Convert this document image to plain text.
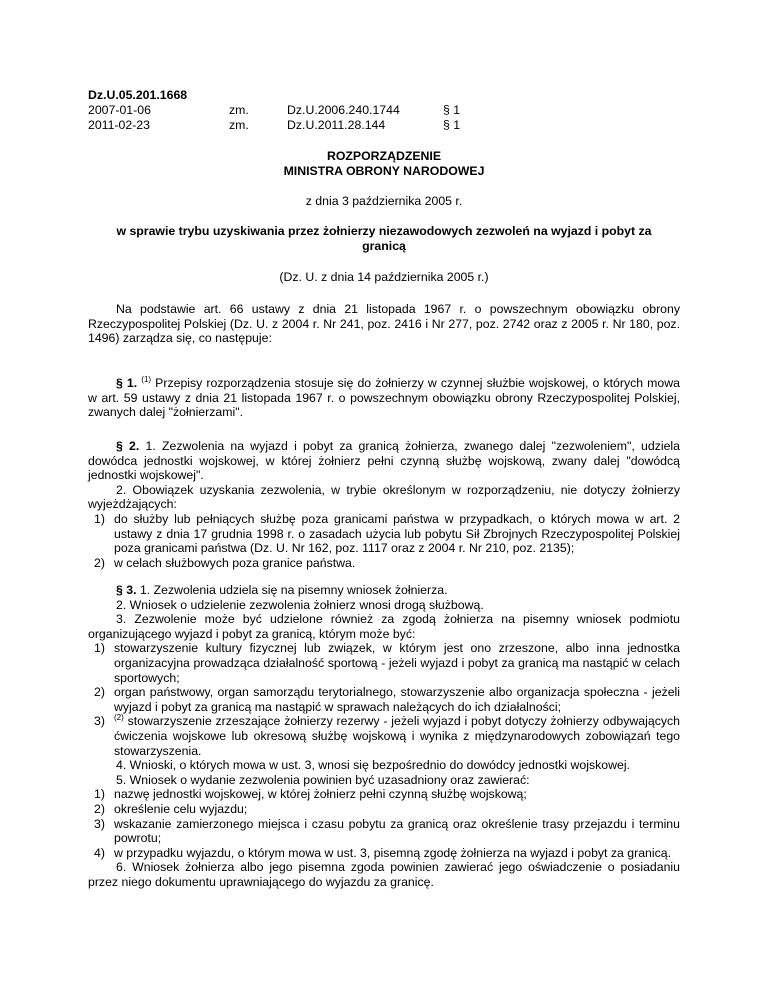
Dz.U.05.201.1668
2007-01-06	zm.	Dz.U.2006.240.1744	§ 1
2011-02-23	zm.	Dz.U.2011.28.144	§ 1
ROZPORZĄDZENIE
MINISTRA OBRONY NARODOWEJ
z dnia 3 października 2005 r.
w sprawie trybu uzyskiwania przez żołnierzy niezawodowych zezwoleń na wyjazd i pobyt za granicą
(Dz. U. z dnia 14 października 2005 r.)

Na podstawie art. 66 ustawy z dnia 21 listopada 1967 r. o powszechnym obowiązku obrony Rzeczypospolitej Polskiej (Dz. U. z 2004 r. Nr 241, poz. 2416 i Nr 277, poz. 2742 oraz z 2005 r. Nr 180, poz. 1496) zarządza się, co następuje:

§ 1. $^{(1)}$ Przepisy rozporządzenia stosuje się do żołnierzy w czynnej służbie wojskowej, o których mowa w art. 59 ustawy z dnia 21 listopada 1967 r. o powszechnym obowiązku obrony Rzeczypospolitej Polskiej, zwanych dalej "żołnierzami".

§ 2. 1. Zezwolenia na wyjazd i pobyt za granicą żołnierza, zwanego dalej "zezwoleniem", udziela dowódca jednostki wojskowej, w której żołnierz pełni czynną służbę wojskową, zwany dalej "dowódcą jednostki wojskowej".

2. Obowiązek uzyskania zezwolenia, w trybie określonym w rozporządzeniu, nie dotyczy żołnierzy wyjeżdżających:

1) do służby lub pełniących służbę poza granicami państwa w przypadkach, o których mowa w art. 2 ustawy z dnia 17 grudnia 1998 r. o zasadach użycia lub pobytu Sił Zbrojnych Rzeczypospolitej Polskiej poza granicami państwa (Dz. U. Nr 162, poz. 1117 oraz z 2004 r. Nr 210, poz. 2135);

2) w celach służbowych poza granice państwa.

§ 3. 1. Zezwolenia udziela się na pisemny wniosek żołnierza.

2. Wniosek o udzielenie zezwolenia żołnierz wnosi drogą służbową.

3. Zezwolenie może być udzielone również za zgodą żołnierza na pisemny wniosek podmiotu organizującego wyjazd i pobyt za granicą, którym może być:

1) stowarzyszenie kultury fizycznej lub związek, w którym jest ono zrzeszone, albo inna jednostka organizacyjna prowadząca działalność sportową - jeżeli wyjazd i pobyt za granicą ma nastąpić w celach sportowych;

2) organ państwowy, organ samorządu terytorialnego, stowarzyszenie albo organizacja społeczna - jeżeli wyjazd i pobyt za granicą ma nastąpić w sprawach należących do ich działalności;

3) $^{(2)}$ stowarzyszenie zrzeszające żołnierzy rezerwy - jeżeli wyjazd i pobyt dotyczy żołnierzy odbywających ćwiczenia wojskowe lub okresową służbę wojskową i wynika z międzynarodowych zobowiązań tego stowarzyszenia.

4. Wnioski, o których mowa w ust. 3, wnosi się bezpośrednio do dowódcy jednostki wojskowej.

5. Wniosek o wydanie zezwolenia powinien być uzasadniony oraz zawierać:

1) nazwę jednostki wojskowej, w której żołnierz pełni czynną służbę wojskową;

2) określenie celu wyjazdu;

3) wskazanie zamierzonego miejsca i czasu pobytu za granicą oraz określenie trasy przejazdu i terminu powrotu;

4) w przypadku wyjazdu, o którym mowa w ust. 3, pisemną zgodę żołnierza na wyjazd i pobyt za granicą.

6. Wniosek żołnierza albo jego pisemna zgoda powinien zawierać jego oświadczenie o posiadaniu przez niego dokumentu uprawniającego do wyjazdu za granicę.
